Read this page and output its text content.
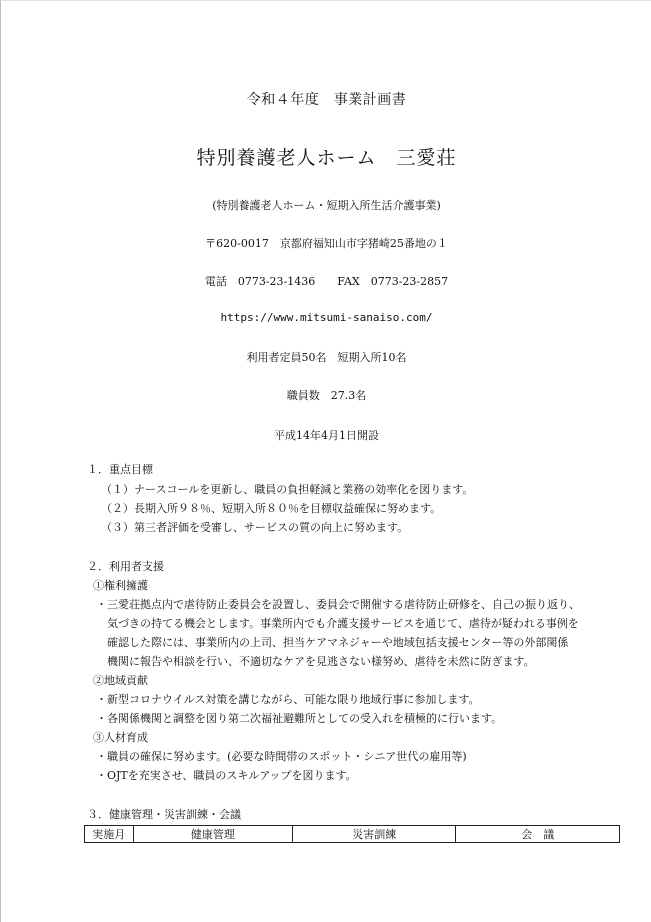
令和４年度　事業計画書
特別養護老人ホーム　三愛荘
(特別養護老人ホーム・短期入所生活介護事業)
〒620-0017　京都府福知山市字猪崎25番地の１
電話　0773-23-1436　　FAX　0773-23-2857
https://www.mitsumi-sanaiso.com/
利用者定員50名　短期入所10名
職員数　27.3名
平成14年4月1日開設
１．重点目標
（１）ナースコールを更新し、職員の負担軽減と業務の効率化を図ります。
（２）長期入所９８％、短期入所８０％を目標収益確保に努めます。
（３）第三者評価を受審し、サービスの質の向上に努めます。
２．利用者支援
①権利擁護
・三愛荘拠点内で虐待防止委員会を設置し、委員会で開催する虐待防止研修を、自己の振り返り、
気づきの持てる機会とします。事業所内でも介護支援サービスを通じて、虐待が疑われる事例を
確認した際には、事業所内の上司、担当ケアマネジャーや地域包括支援センター等の外部関係
機関に報告や相談を行い、不適切なケアを見逃さない様努め、虐待を未然に防ぎます。
②地域貢献
・新型コロナウイルス対策を講じながら、可能な限り地域行事に参加します。
・各関係機関と調整を図り第二次福祉避難所としての受入れを積極的に行います。
③人材育成
・職員の確保に努めます。(必要な時間帯のスポット・シニア世代の雇用等)
・OJTを充実させ、職員のスキルアップを図ります。
３．健康管理・災害訓練・会議
実施月	健康管理	災害訓練	会　議
